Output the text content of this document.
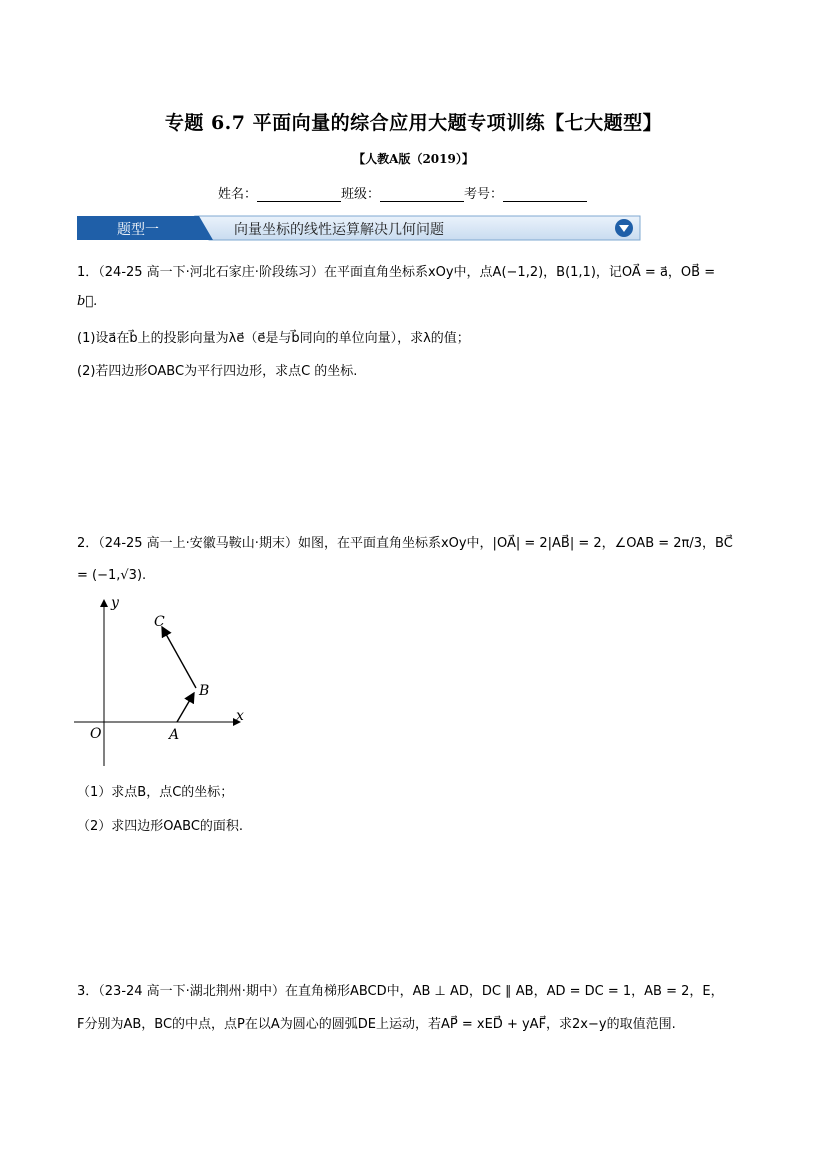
专题 6.7 平面向量的综合应用大题专项训练【七大题型】
【人教A版（2019）】
姓名：	班级：	考号：
题型一	向量坐标的线性运算解决几何问题
1．（24-25 高一下·河北石家庄·阶段练习）在平面直角坐标系xOy中，点A(−1,2)，B(1,1)，记OA⃗ = a⃗，OB⃗ =
b⃗.
(1)设a⃗在b⃗上的投影向量为λe⃗（e⃗是与b⃗同向的单位向量），求λ的值；
(2)若四边形OABC为平行四边形，求点C 的坐标.
2．（24-25 高一上·安徽马鞍山·期末）如图，在平面直角坐标系xOy中，|OA⃗| = 2|AB⃗| = 2，∠OAB = 2π/3，BC⃗
= (−1,√3).
y
x
O	A
B
C
（1）求点B，点C的坐标；
（2）求四边形OABC的面积.
3．（23-24 高一下·湖北荆州·期中）在直角梯形ABCD中，AB ⊥ AD，DC ∥ AB，AD = DC = 1，AB = 2，E，
F分别为AB，BC的中点，点P在以A为圆心的圆弧DE上运动，若AP⃗ = xED⃗ + yAF⃗，求2x−y的取值范围.
